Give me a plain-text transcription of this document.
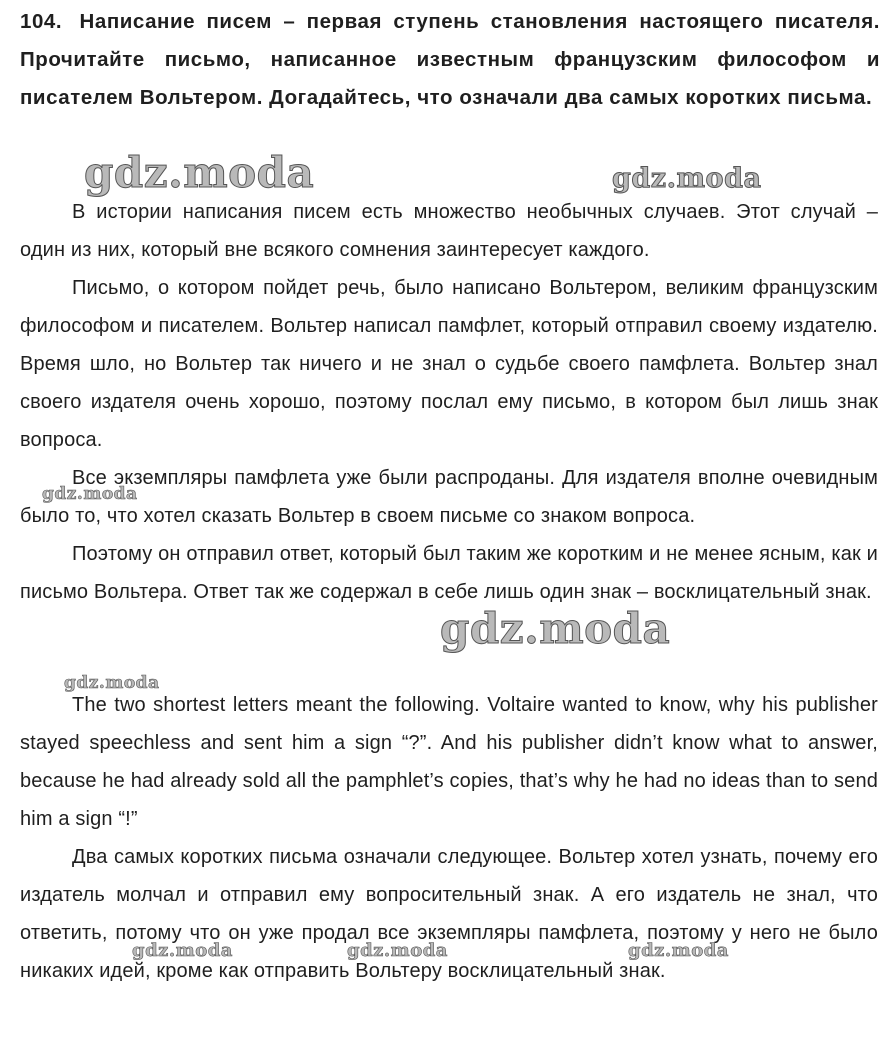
104. Написание писем – первая ступень становления настоящего писателя. Прочитайте письмо, написанное известным французским философом и писателем Вольтером. Догадайтесь, что означали два самых коротких письма.

В истории написания писем есть множество необычных случаев. Этот случай – один из них, который вне всякого сомнения заинтересует каждого.

Письмо, о котором пойдет речь, было написано Вольтером, великим французским философом и писателем. Вольтер написал памфлет, который отправил своему издателю. Время шло, но Вольтер так ничего и не знал о судьбе своего памфлета. Вольтер знал своего издателя очень хорошо, поэтому послал ему письмо, в котором был лишь знак вопроса.

Все экземпляры памфлета уже были распроданы. Для издателя вполне очевидным было то, что хотел сказать Вольтер в своем письме со знаком вопроса.

Поэтому он отправил ответ, который был таким же коротким и не менее ясным, как и письмо Вольтера. Ответ так же содержал в себе лишь один знак – восклицательный знак.

The two shortest letters meant the following. Voltaire wanted to know, why his publisher stayed speechless and sent him a sign “?”. And his publisher didn’t know what to answer, because he had already sold all the pamphlet’s copies, that’s why he had no ideas than to send him a sign “!”

Два самых коротких письма означали следующее. Вольтер хотел узнать, почему его издатель молчал и отправил ему вопросительный знак. А его издатель не знал, что ответить, потому что он уже продал все экземпляры памфлета, поэтому у него не было никаких идей, кроме как отправить Вольтеру восклицательный знак.

gdz.moda	gdz.moda
gdz.moda
gdz.moda
gdz.moda
gdz.moda	gdz.moda	gdz.moda
